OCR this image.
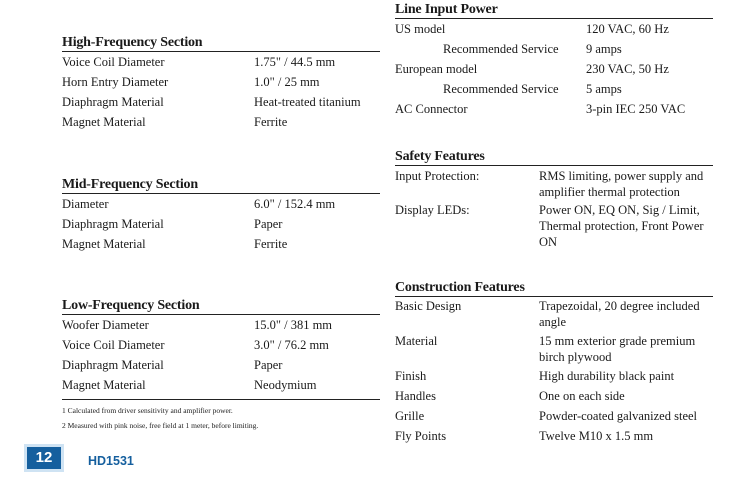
High-Frequency Section
Voice Coil Diameter	1.75" / 44.5 mm
Horn Entry Diameter	1.0" / 25 mm
Diaphragm Material	Heat-treated titanium
Magnet Material	Ferrite
Mid-Frequency Section
Diameter	6.0" / 152.4 mm
Diaphragm Material	Paper
Magnet Material	Ferrite
Low-Frequency Section
Woofer Diameter	15.0" / 381 mm
Voice Coil Diameter	3.0" / 76.2 mm
Diaphragm Material	Paper
Magnet Material	Neodymium
1 Calculated from driver sensitivity and amplifier power.
2 Measured with pink noise, free field at 1 meter, before limiting.
Line Input Power
US model	120 VAC, 60 Hz
Recommended Service 9 amps
European model	230 VAC, 50 Hz
Recommended Service 5 amps
AC Connector	3-pin IEC 250 VAC
Safety Features
Input Protection:	RMS limiting, power supply and
amplifier thermal protection
Display LEDs:	Power ON, EQ ON, Sig / Limit,
Thermal protection, Front Power
ON
Construction Features
Basic Design	Trapezoidal, 20 degree included
angle
Material	15 mm exterior grade premium
birch plywood
Finish	High durability black paint
Handles	One on each side
Grille	Powder-coated galvanized steel
Fly Points	Twelve M10 x 1.5 mm
12	HD1531
